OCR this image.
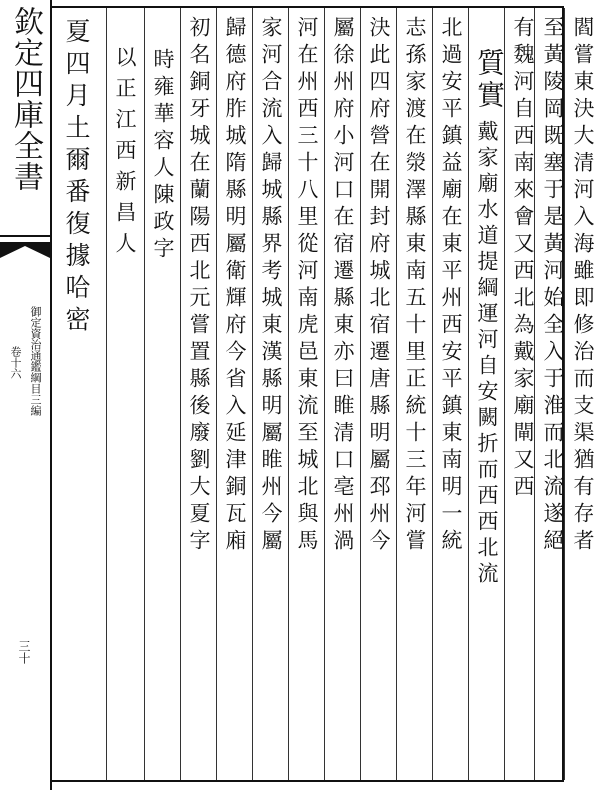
欽定四庫全書
御定資治通鑑綱目三編
卷十六
三十
夏四月土爾番復據哈密 以正江西新昌人 時雍華容人陳政字 初名銅牙城在蘭陽西北元嘗置縣後廢劉大夏字 歸德府胙城隋縣明屬衛輝府今省入延津銅瓦廂 家河合流入歸城縣界考城東漢縣明屬睢州今屬 河在州西三十八里從河南虎邑東流至城北與馬 屬徐州府小河口在宿遷縣東亦曰睢清口亳州渦 決此四府營在開封府城北宿遷唐縣明屬邳州今 志孫家渡在滎澤縣東南五十里正統十三年河嘗 北過安平鎮益廟在東平州西安平鎮東南明一統 質實
戴家廟水道提綱運河自安闕折而西西北流 有魏河自西南來會又西北為戴家廟閘又西 至黃陵岡既塞于是黃河始全入于淮而北流遂絕 閻嘗東決大清河入海雖即修治而支渠猶有存者
